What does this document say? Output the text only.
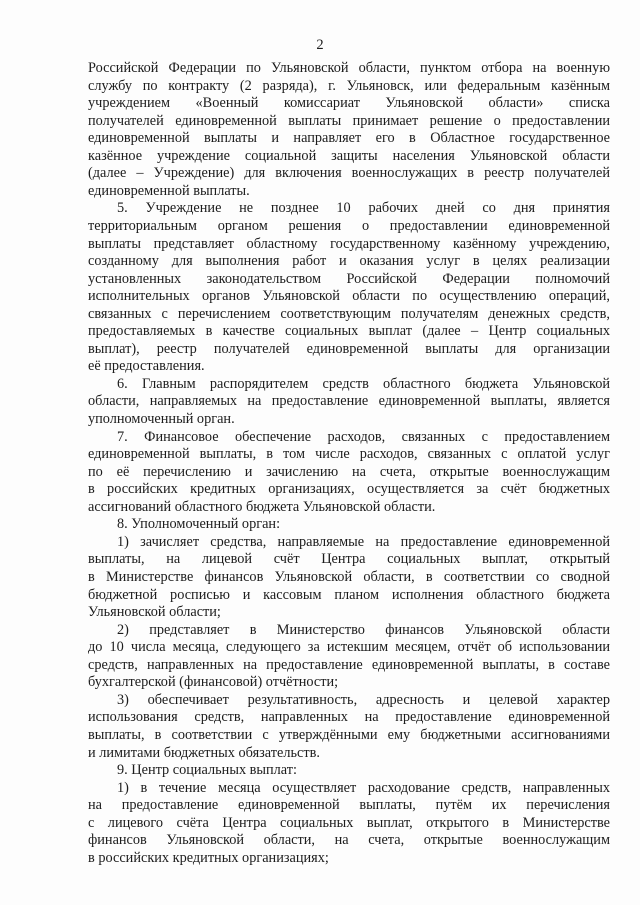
2
Российской Федерации по Ульяновской области, пунктом отбора на военную
службу по контракту (2 разряда), г. Ульяновск, или федеральным казённым
учреждением «Военный комиссариат Ульяновской области» списка
получателей единовременной выплаты принимает решение о предоставлении
единовременной выплаты и направляет его в Областное государственное
казённое учреждение социальной защиты населения Ульяновской области
(далее – Учреждение) для включения военнослужащих в реестр получателей
единовременной выплаты.
5. Учреждение не позднее 10 рабочих дней со дня принятия
территориальным органом решения о предоставлении единовременной
выплаты представляет областному государственному казённому учреждению,
созданному для выполнения работ и оказания услуг в целях реализации
установленных законодательством Российской Федерации полномочий
исполнительных органов Ульяновской области по осуществлению операций,
связанных с перечислением соответствующим получателям денежных средств,
предоставляемых в качестве социальных выплат (далее – Центр социальных
выплат), реестр получателей единовременной выплаты для организации
её предоставления.
6. Главным распорядителем средств областного бюджета Ульяновской
области, направляемых на предоставление единовременной выплаты, является
уполномоченный орган.
7. Финансовое обеспечение расходов, связанных с предоставлением
единовременной выплаты, в том числе расходов, связанных с оплатой услуг
по её перечислению и зачислению на счета, открытые военнослужащим
в российских кредитных организациях, осуществляется за счёт бюджетных
ассигнований областного бюджета Ульяновской области.
8. Уполномоченный орган:
1) зачисляет средства, направляемые на предоставление единовременной
выплаты, на лицевой счёт Центра социальных выплат, открытый
в Министерстве финансов Ульяновской области, в соответствии со сводной
бюджетной росписью и кассовым планом исполнения областного бюджета
Ульяновской области;
2) представляет в Министерство финансов Ульяновской области
до 10 числа месяца, следующего за истекшим месяцем, отчёт об использовании
средств, направленных на предоставление единовременной выплаты, в составе
бухгалтерской (финансовой) отчётности;
3) обеспечивает результативность, адресность и целевой характер
использования средств, направленных на предоставление единовременной
выплаты, в соответствии с утверждёнными ему бюджетными ассигнованиями
и лимитами бюджетных обязательств.
9. Центр социальных выплат:
1) в течение месяца осуществляет расходование средств, направленных
на предоставление единовременной выплаты, путём их перечисления
с лицевого счёта Центра социальных выплат, открытого в Министерстве
финансов Ульяновской области, на счета, открытые военнослужащим
в российских кредитных организациях;
